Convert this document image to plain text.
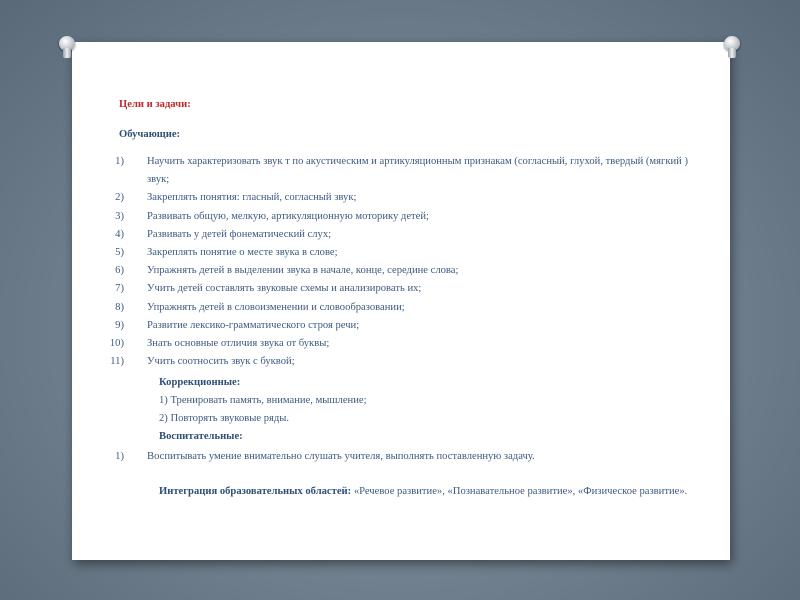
Цели и задачи:
Обучающие:
1) Научить характеризовать звук т по акустическим и артикуляционным признакам (согласный, глухой, твердый (мягкий ) звук;
2) Закреплять понятия: гласный, согласный звук;
3) Развивать общую, мелкую, артикуляционную моторику детей;
4) Развивать у детей фонематический слух;
5) Закреплять понятие о месте звука в слове;
6) Упражнять детей в выделении звука в начале, конце, середине слова;
7) Учить детей составлять звуковые схемы и анализировать их;
8) Упражнять детей в словоизменении и словообразовании;
9) Развитие лексико-грамматического строя речи;
10) Знать основные отличия звука от буквы;
11) Учить соотносить звук с буквой;
Коррекционные:
1) Тренировать память, внимание, мышление;
2) Повторять звуковые ряды.
Воспитательные:
1) Воспитывать умение внимательно слушать учителя, выполнять поставленную задачу.
Интеграция образовательных областей: «Речевое развитие», «Познавательное развитие», «Физическое развитие».
